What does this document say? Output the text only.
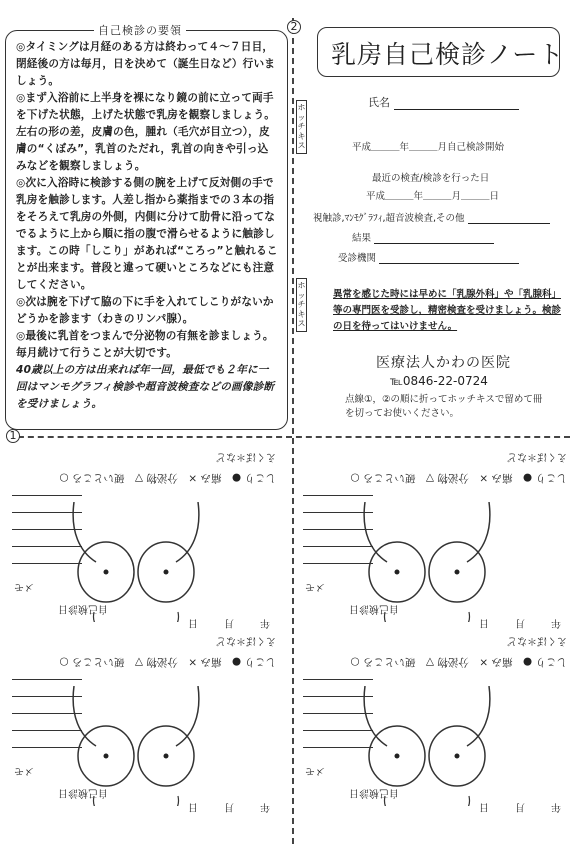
2
1

◎タイミングは月経のある方は終わって４〜７日目，閉経後の方は毎月，日を決めて（誕生日など）行いましょう。

◎まず入浴前に上半身を裸になり鏡の前に立って両手を下げた状態，上げた状態で乳房を観察しましょう。左右の形の差，皮膚の色，腫れ（毛穴が目立つ），皮膚の“くぼみ”，乳首のただれ，乳首の向きや引っ込みなどを観察しましょう。

◎次に入浴時に検診する側の腕を上げて反対側の手で乳房を触診します。人差し指から薬指までの３本の指をそろえて乳房の外側，内側に分けて肋骨に沿ってなでるように上から順に指の腹で滑らせるように触診します。この時「しこり」があれば“ころっ”と触れることが出来ます。普段と違って硬いところなどにも注意してください。

◎次は腕を下げて脇の下に手を入れてしこりがないかどうかを診ます（わきのリンパ腺）。

◎最後に乳首をつまんで分泌物の有無を診ましょう。毎月続けて行うことが大切です。

40歳以上の方は出来れば年一回，最低でも２年に一回はマンモグラフィ検診や超音波検査などの画像診断を受けましょう。

自己検診の要領
ホッチキス
ホッチキス
乳房自己検診ノート
氏名
平成＿＿＿年＿＿＿月自己検診開始
最近の検査/検診を行った日
平成＿＿＿年＿＿＿月＿＿＿日
視触診,ﾏﾝﾓｸﾞﾗﾌｨ,超音波検査,その他
結果
受診機関
異常を感じた時には早めに「乳腺外科」や「乳腺科」等の専門医を受診し，精密検査を受けましょう。検診の日を待ってはいけません。
医療法人かわの医院
℡0846-22-0724
点線①，②の順に折ってホッチキスで留めて冊を切ってお使いください。
年　　月　　日
自己検診日
メモ
しこり ●　痛み ×　分泌物 ▽　硬いところ ○
えくぼ＊など
年　　月　　日
自己検診日
メモ
しこり ●　痛み ×　分泌物 ▽　硬いところ ○
えくぼ＊など
年　　月　　日
自己検診日
メモ
しこり ●　痛み ×　分泌物 ▽　硬いところ ○
えくぼ＊など
年　　月　　日
自己検診日
メモ
しこり ●　痛み ×　分泌物 ▽　硬いところ ○
えくぼ＊など
